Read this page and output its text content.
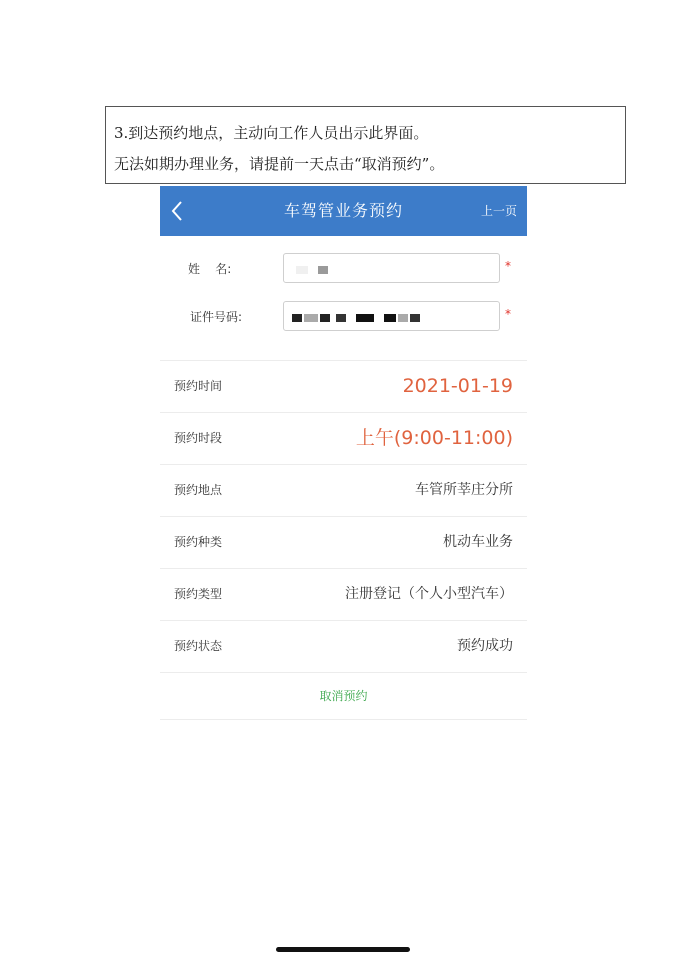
3.到达预约地点，主动向工作人员出示此界面。
无法如期办理业务，请提前一天点击“取消预约”。
车驾管业务预约	上一页
姓    名:	*
证件号码:	*
预约时间	2021-01-19
预约时段	上午(9:00-11:00)
预约地点	车管所莘庄分所
预约种类	机动车业务
预约类型	注册登记（个人小型汽车）
预约状态	预约成功
取消预约
